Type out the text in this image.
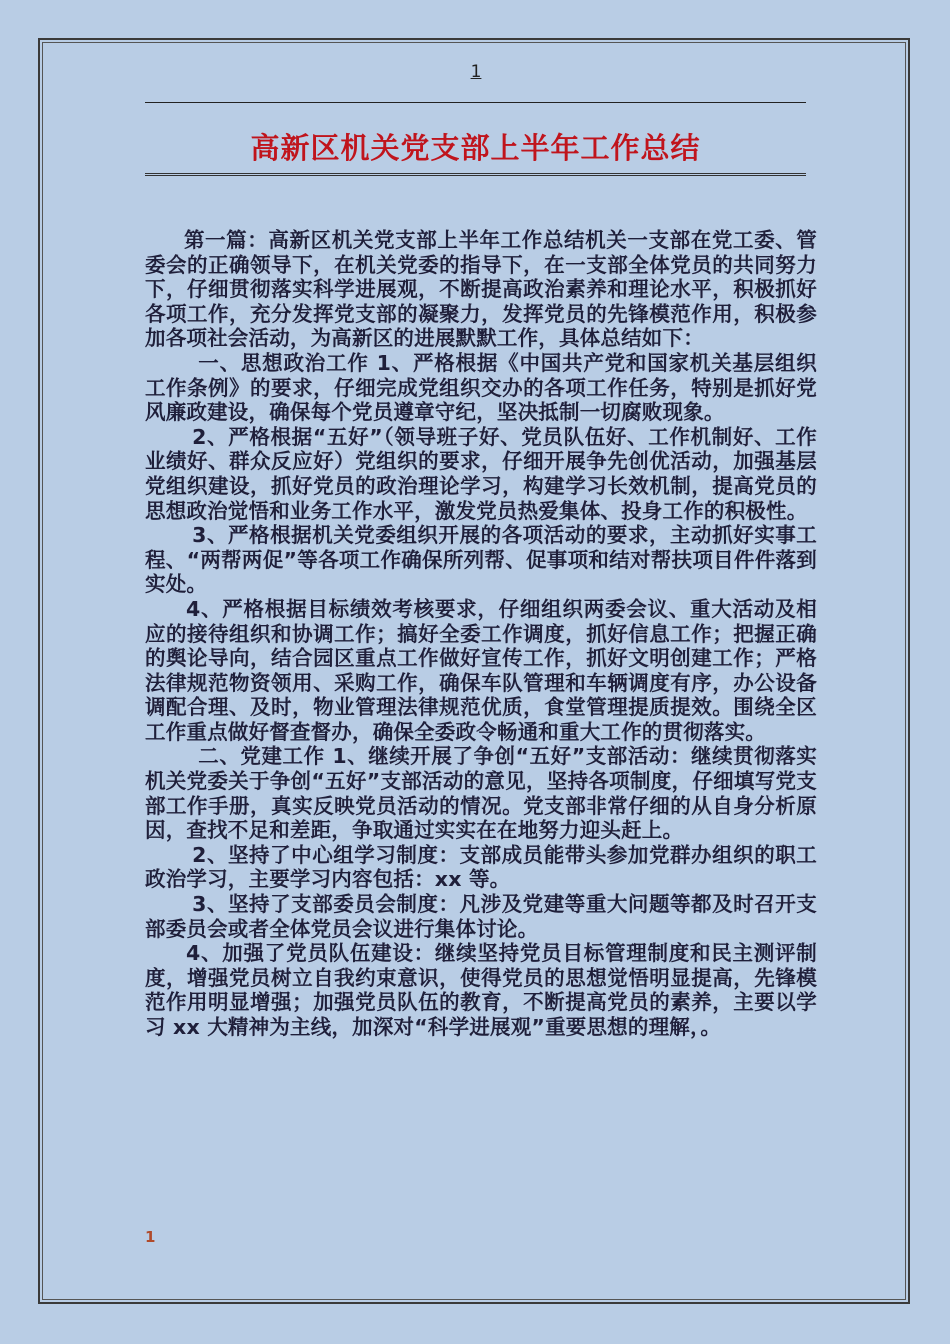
1
高新区机关党支部上半年工作总结

第一篇：高新区机关党支部上半年工作总结机关一支部在党工委、管委会的正确领导下，在机关党委的指导下，在一支部全体党员的共同努力下，仔细贯彻落实科学进展观，不断提高政治素养和理论水平，积极抓好各项工作，充分发挥党支部的凝聚力，发挥党员的先锋模范作用，积极参加各项社会活动，为高新区的进展默默工作，具体总结如下：

一、思想政治工作 1、严格根据《中国共产党和国家机关基层组织工作条例》的要求，仔细完成党组织交办的各项工作任务，特别是抓好党风廉政建设，确保每个党员遵章守纪，坚决抵制一切腐败现象。

2、严格根据“五好”（领导班子好、党员队伍好、工作机制好、工作业绩好、群众反应好）党组织的要求，仔细开展争先创优活动，加强基层党组织建设，抓好党员的政治理论学习，构建学习长效机制，提高党员的思想政治觉悟和业务工作水平，激发党员热爱集体、投身工作的积极性。

3、严格根据机关党委组织开展的各项活动的要求，主动抓好实事工程、“两帮两促”等各项工作确保所列帮、促事项和结对帮扶项目件件落到实处。

4、严格根据目标绩效考核要求，仔细组织两委会议、重大活动及相应的接待组织和协调工作；搞好全委工作调度，抓好信息工作；把握正确的舆论导向，结合园区重点工作做好宣传工作，抓好文明创建工作；严格法律规范物资领用、采购工作，确保车队管理和车辆调度有序，办公设备调配合理、及时，物业管理法律规范优质，食堂管理提质提效。围绕全区工作重点做好督查督办，确保全委政令畅通和重大工作的贯彻落实。

二、党建工作 1、继续开展了争创“五好”支部活动：继续贯彻落实机关党委关于争创“五好”支部活动的意见，坚持各项制度，仔细填写党支部工作手册，真实反映党员活动的情况。党支部非常仔细的从自身分析原因，查找不足和差距，争取通过实实在在地努力迎头赶上。

2、坚持了中心组学习制度：支部成员能带头参加党群办组织的职工政治学习，主要学习内容包括：xx 等。

3、坚持了支部委员会制度：凡涉及党建等重大问题等都及时召开支部委员会或者全体党员会议进行集体讨论。

4、加强了党员队伍建设：继续坚持党员目标管理制度和民主测评制度，增强党员树立自我约束意识，使得党员的思想觉悟明显提高，先锋模范作用明显增强；加强党员队伍的教育，不断提高党员的素养，主要以学习 xx 大精神为主线，加深对“科学进展观”重要思想的理解，。

1
